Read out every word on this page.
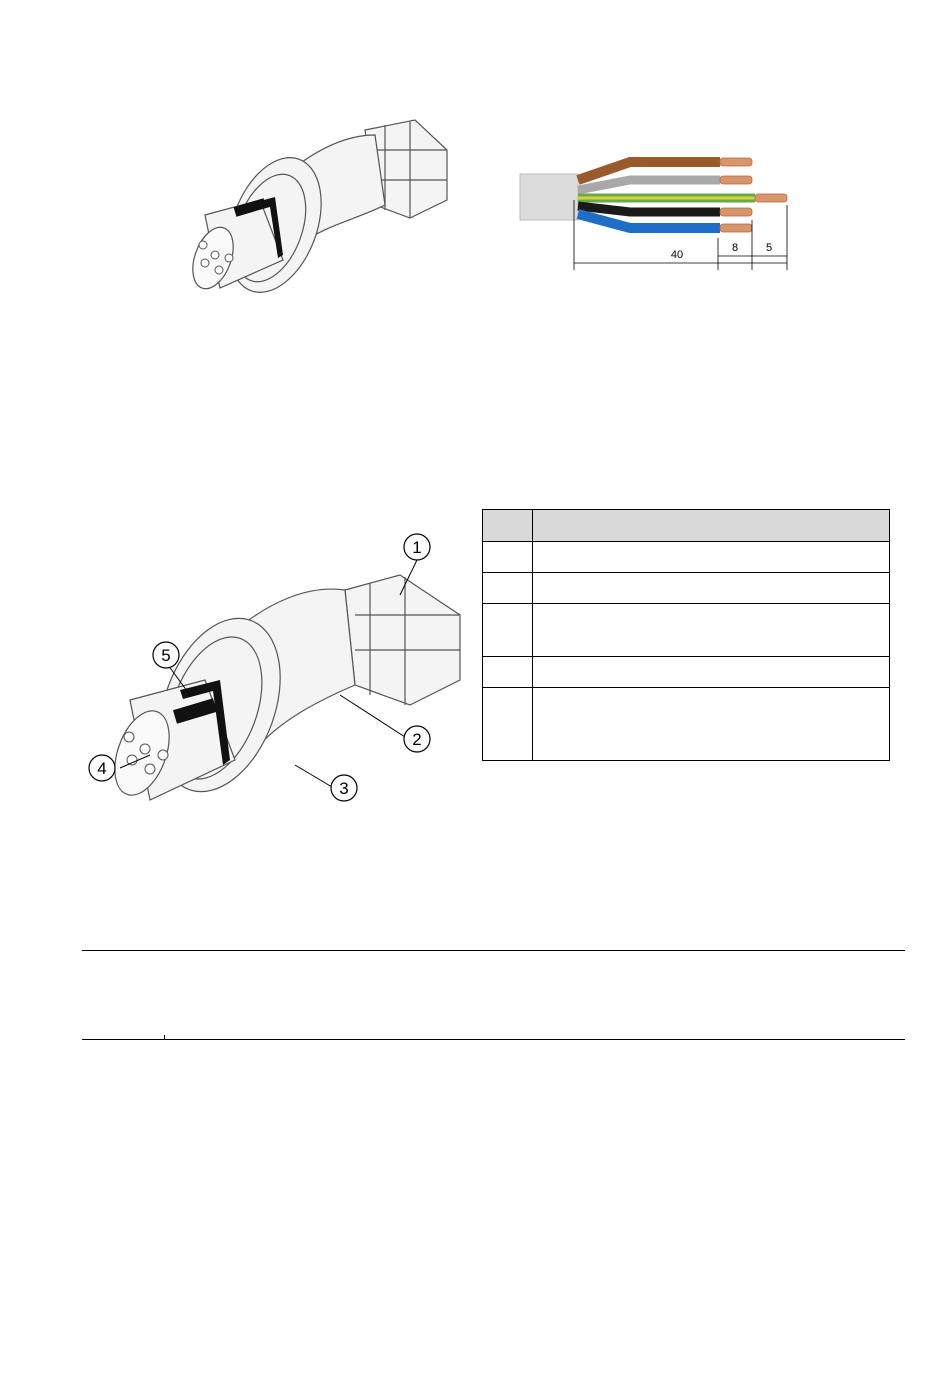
40
8	5
1
2
3
4
5
